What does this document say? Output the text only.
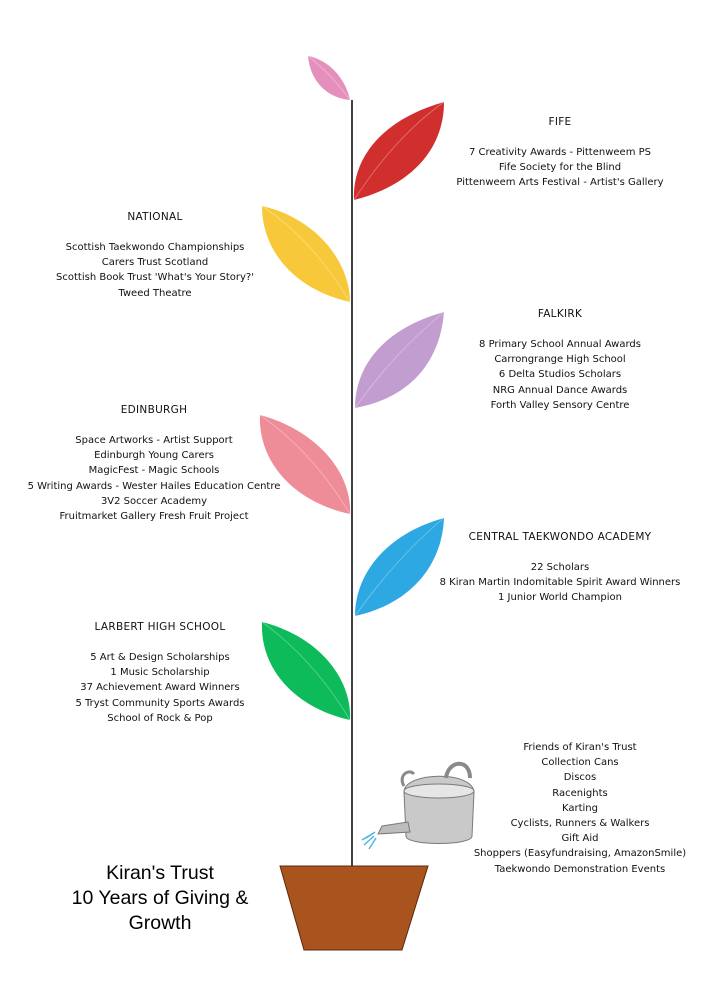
FIFE
7 Creativity Awards - Pittenweem PS
Fife Society for the Blind
Pittenweem Arts Festival - Artist's Gallery
NATIONAL
Scottish Taekwondo Championships
Carers Trust Scotland
Scottish Book Trust 'What's Your Story?'
Tweed Theatre
FALKIRK
8 Primary School Annual Awards
Carrongrange High School
6 Delta Studios Scholars
NRG Annual Dance Awards
Forth Valley Sensory Centre
EDINBURGH
Space Artworks - Artist Support
Edinburgh Young Carers
MagicFest - Magic Schools
5 Writing Awards - Wester Hailes Education Centre
3V2 Soccer Academy
Fruitmarket Gallery Fresh Fruit Project
CENTRAL TAEKWONDO ACADEMY
22 Scholars
8 Kiran Martin Indomitable Spirit Award Winners
1 Junior World Champion
LARBERT HIGH SCHOOL
5 Art & Design Scholarships
1 Music Scholarship
37 Achievement Award Winners
5 Tryst Community Sports Awards
School of Rock & Pop
Friends of Kiran's Trust
Collection Cans
Discos
Racenights
Karting
Cyclists, Runners & Walkers
Gift Aid
Shoppers (Easyfundraising, AmazonSmile)
Taekwondo Demonstration Events
Kiran's Trust
10 Years of Giving &
Growth
